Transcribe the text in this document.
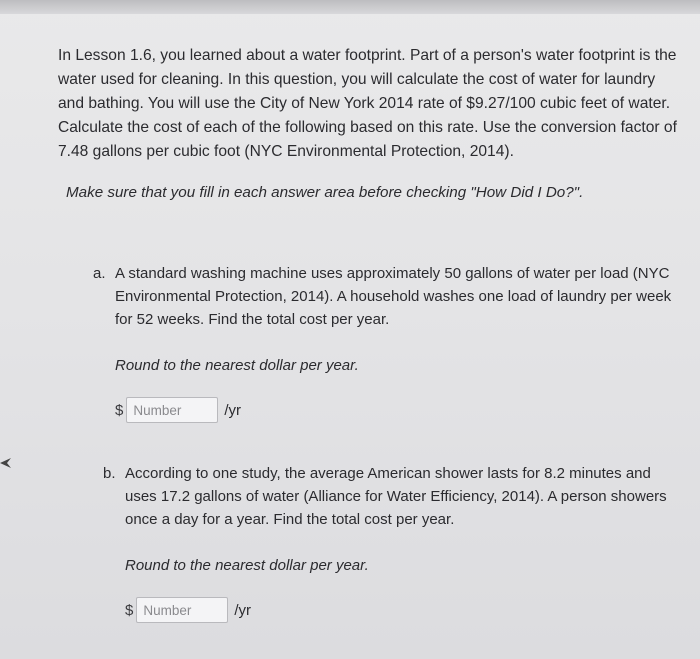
In Lesson 1.6, you learned about a water footprint. Part of a person's water footprint is the water used for cleaning. In this question, you will calculate the cost of water for laundry and bathing. You will use the City of New York 2014 rate of $9.27/100 cubic feet of water. Calculate the cost of each of the following based on this rate. Use the conversion factor of 7.48 gallons per cubic foot (NYC Environmental Protection, 2014).

Make sure that you fill in each answer area before checking "How Did I Do?".

a. A standard washing machine uses approximately 50 gallons of water per load (NYC Environmental Protection, 2014). A household washes one load of laundry per week for 52 weeks. Find the total cost per year.

Round to the nearest dollar per year.

$
Number	/yr
b. According to one study, the average American shower lasts for 8.2 minutes and uses 17.2 gallons of water (Alliance for Water Efficiency, 2014). A person showers once a day for a year. Find the total cost per year.

Round to the nearest dollar per year.

$
Number	/yr
